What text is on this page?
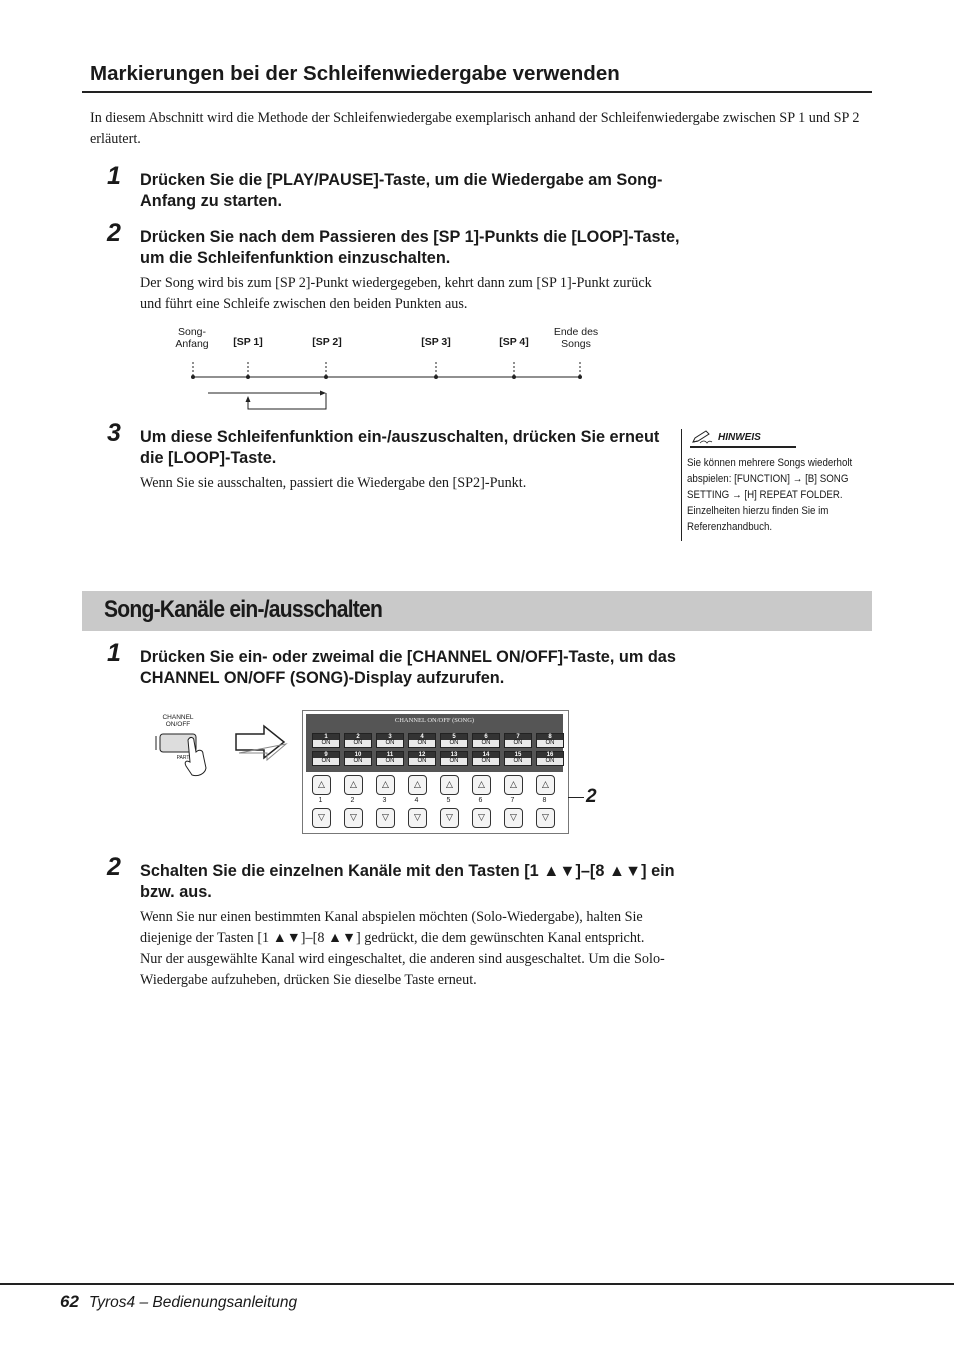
Markierungen bei der Schleifenwiedergabe verwenden
In diesem Abschnitt wird die Methode der Schleifenwiedergabe exemplarisch anhand der Schleifenwiedergabe zwischen SP 1 und SP 2 erläutert.
1 Drücken Sie die [PLAY/PAUSE]-Taste, um die Wiedergabe am Song-Anfang zu starten.
2 Drücken Sie nach dem Passieren des [SP 1]-Punkts die [LOOP]-Taste, um die Schleifenfunktion einzuschalten.
Der Song wird bis zum [SP 2]-Punkt wiedergegeben, kehrt dann zum [SP 1]-Punkt zurück und führt eine Schleife zwischen den beiden Punkten aus.
Song-
Anfang	[SP 1]	[SP 2]	[SP 3]	[SP 4]
Ende des
Songs
3 Um diese Schleifenfunktion ein-/auszuschalten, drücken Sie erneut die [LOOP]-Taste.
Wenn Sie sie ausschalten, passiert die Wiedergabe den [SP2]-Punkt.
HINWEIS
Sie können mehrere Songs wiederholt abspielen: [FUNCTION] → [B] SONG SETTING → [H] REPEAT FOLDER. Einzelheiten hierzu finden Sie im Referenzhandbuch.
Song-Kanäle ein-/ausschalten
1 Drücken Sie ein- oder zweimal die [CHANNEL ON/OFF]-Taste, um das CHANNEL ON/OFF (SONG)-Display aufzurufen.
CHANNEL
ON/OFF
PART
CHANNEL ON/OFF (SONG)
1
ON
2
ON
3
ON
4
ON
5
ON
6
ON
7
ON
8
ON
9
ON
10
ON
11
ON
12
ON
13
ON
14
ON
15
ON
16
ON
△	△	△	△	△	△	△	△
1	2	3	4	5	6	7	8
▽	▽	▽	▽	▽	▽	▽	▽
2
2 Schalten Sie die einzelnen Kanäle mit den Tasten [1 ▲▼]–[8 ▲▼] ein bzw. aus.
Wenn Sie nur einen bestimmten Kanal abspielen möchten (Solo-Wiedergabe), halten Sie diejenige der Tasten [1 ▲▼]–[8 ▲▼] gedrückt, die dem gewünschten Kanal entspricht. Nur der ausgewählte Kanal wird eingeschaltet, die anderen sind ausgeschaltet. Um die Solo-Wiedergabe aufzuheben, drücken Sie dieselbe Taste erneut.
62 Tyros4 – Bedienungsanleitung
